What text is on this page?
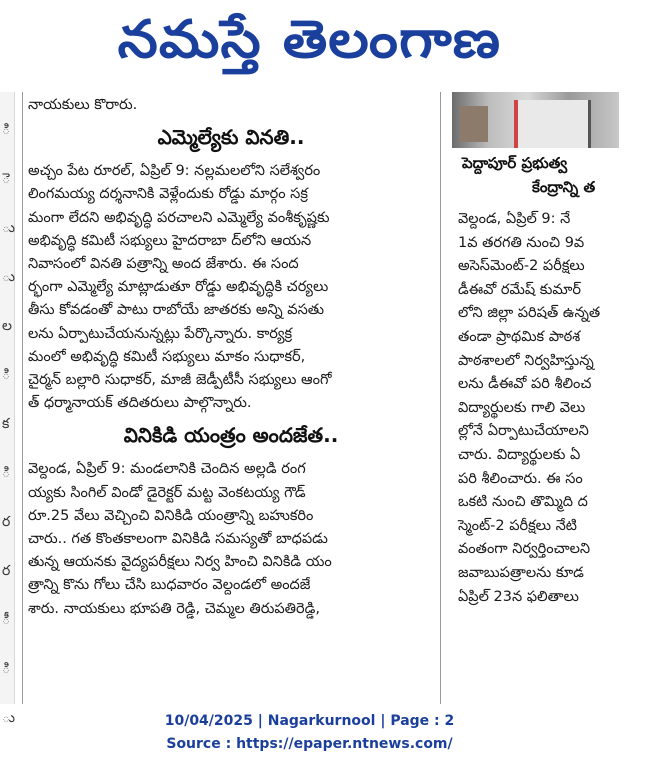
నమస్తే తెలంగాణ
ి
ె
ు
ు
ల
ి
క
ి
ర
ర
ీ
ి
ు
నాయకులు కొరారు.
ఎమ్మెల్యేకు వినతి..
అచ్చం పేట రూరల్, ఏప్రిల్ 9: నల్లమలలోని సలేశ్వరం
లింగమయ్య దర్శనానికి వెళ్లేందుకు రోడ్డు మార్గం సక్ర
మంగా లేదని అభివృద్ధి పరచాలని ఎమ్మెల్యే వంశీకృష్ణకు
అభివృద్ధి కమిటీ సభ్యులు హైదరాబా ద్‌లోని ఆయన
నివాసంలో వినతి పత్రాన్ని అంద జేశారు. ఈ సంద
ర్భంగా ఎమ్మెల్యే మాట్లాడుతూ రోడ్డు అభివృద్ధికి చర్యలు
తీసు కోవడంతో పాటు రాబోయే జాతరకు అన్ని వసతు
లను ఏర్పాటుచేయనున్నట్లు పేర్కొన్నారు. కార్యక్ర
మంలో అభివృద్ధి కమిటీ సభ్యులు మాకం సుధాకర్,
చైర్మన్ బల్లారి సుధాకర్, మాజీ జెడ్పీటీసీ సభ్యులు ఆంగో
త్ ధర్మానాయక్ తదితరులు పాల్గొన్నారు.
వినికిడి యంత్రం అందజేత..
వెల్దండ, ఏప్రిల్ 9: మండలానికి చెందిన అల్లడి రంగ
య్యకు సింగిల్ విండో డైరెక్టర్ మట్ట వెంకటయ్య గౌడ్
రూ.25 వేలు వెచ్చించి వినికిడి యంత్రాన్ని బహుకరిం
చారు.. గత కొంతకాలంగా వినికిడి సమస్యతో బాధపడు
తున్న ఆయనకు వైద్యపరీక్షలు నిర్వ హించి వినికిడి యం
త్రాన్ని కొను గోలు చేసి బుధవారం వెల్దండలో అందజే
శారు. నాయకులు భూపతి రెడ్డి, చెమ్మల తిరుపతిరెడ్డి,
పెద్దాపూర్ ప్రభుత్వ
కేంద్రాన్ని త
వెల్దండ, ఏప్రిల్ 9: నే
1వ తరగతి నుంచి 9వ
అసెస్‌మెంట్-2 పరీక్షలు
డీఈవో రమేష్ కుమార్
లోని జిల్లా పరిషత్ ఉన్నత
తండా ప్రాథమిక పాఠశ
పాఠశాలలో నిర్వహిస్తున్న
లను డీఈవో పరి శీలించ
విద్యార్థులకు గాలి వెలు
ల్లోనే ఏర్పాటుచేయాలని
చారు. విద్యార్థులకు ఏ
పరి శీలించారు. ఈ సం
ఒకటి నుంచి తొమ్మిది ద
స్మెంట్-2 పరీక్షలు నేటి
వంతంగా నిర్వర్తించాలని
జవాబుపత్రాలను కూడ
ఏప్రిల్ 23న ఫలితాలు
10/04/2025 | Nagarkurnool | Page : 2
Source : https://epaper.ntnews.com/
